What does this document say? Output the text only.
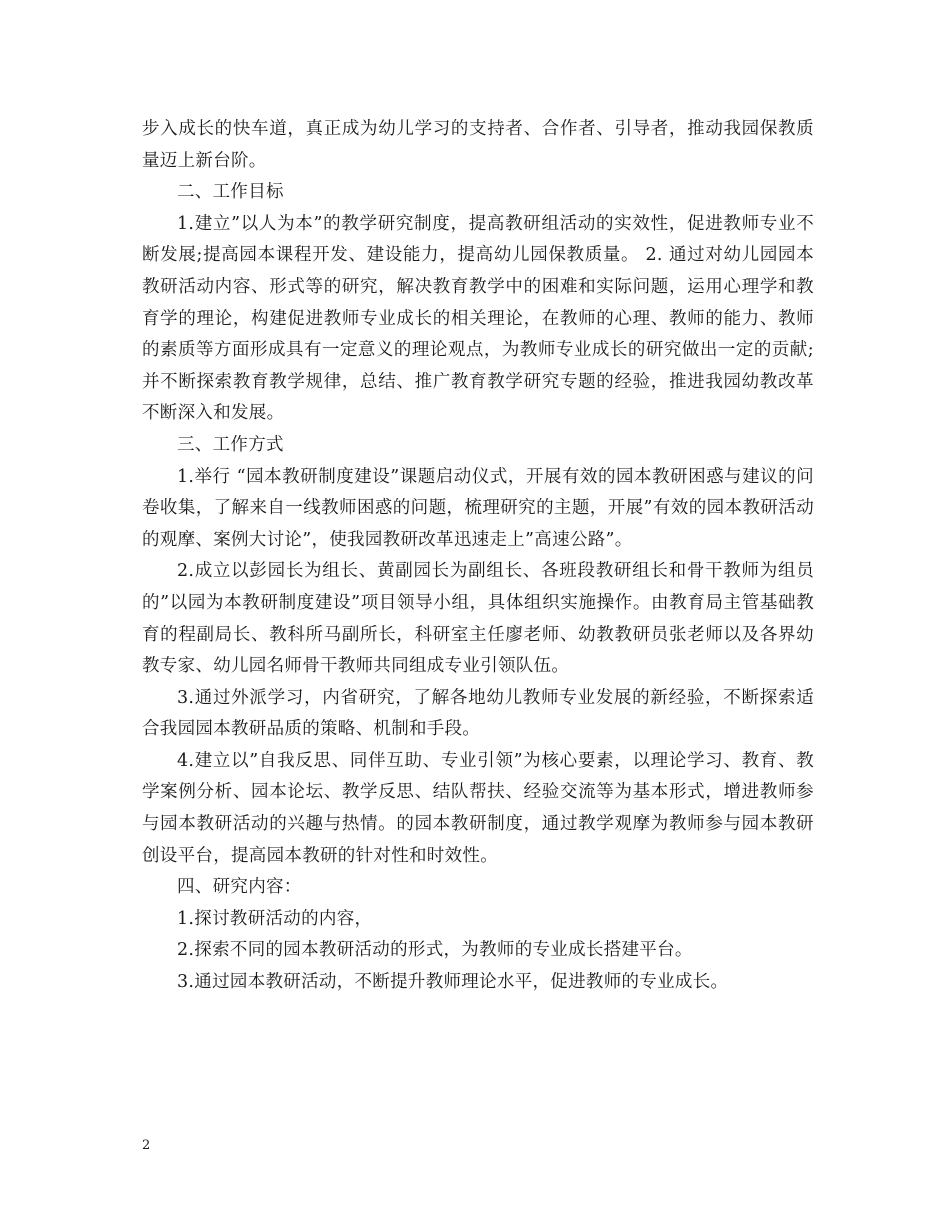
步入成长的快车道，真正成为幼儿学习的支持者、合作者、引导者，推动我园保教质量迈上新台阶。

二、工作目标

1.建立”以人为本”的教学研究制度，提高教研组活动的实效性，促进教师专业不断发展;提高园本课程开发、建设能力，提高幼儿园保教质量。 2. 通过对幼儿园园本教研活动内容、形式等的研究，解决教育教学中的困难和实际问题，运用心理学和教育学的理论，构建促进教师专业成长的相关理论，在教师的心理、教师的能力、教师的素质等方面形成具有一定意义的理论观点，为教师专业成长的研究做出一定的贡献;并不断探索教育教学规律，总结、推广教育教学研究专题的经验，推进我园幼教改革不断深入和发展。

三、工作方式

1.举行 “园本教研制度建设”课题启动仪式，开展有效的园本教研困惑与建议的问卷收集，了解来自一线教师困惑的问题，梳理研究的主题，开展”有效的园本教研活动的观摩、案例大讨论”，使我园教研改革迅速走上”高速公路”。

2.成立以彭园长为组长、黄副园长为副组长、各班段教研组长和骨干教师为组员的”以园为本教研制度建设”项目领导小组，具体组织实施操作。由教育局主管基础教育的程副局长、教科所马副所长，科研室主任廖老师、幼教教研员张老师以及各界幼教专家、幼儿园名师骨干教师共同组成专业引领队伍。

3.通过外派学习，内省研究，了解各地幼儿教师专业发展的新经验，不断探索适合我园园本教研品质的策略、机制和手段。

4.建立以”自我反思、同伴互助、专业引领”为核心要素，以理论学习、教育、教学案例分析、园本论坛、教学反思、结队帮扶、经验交流等为基本形式，增进教师参与园本教研活动的兴趣与热情。的园本教研制度，通过教学观摩为教师参与园本教研创设平台，提高园本教研的针对性和时效性。

四、研究内容：

1.探讨教研活动的内容，

2.探索不同的园本教研活动的形式，为教师的专业成长搭建平台。

3.通过园本教研活动，不断提升教师理论水平，促进教师的专业成长。

2
